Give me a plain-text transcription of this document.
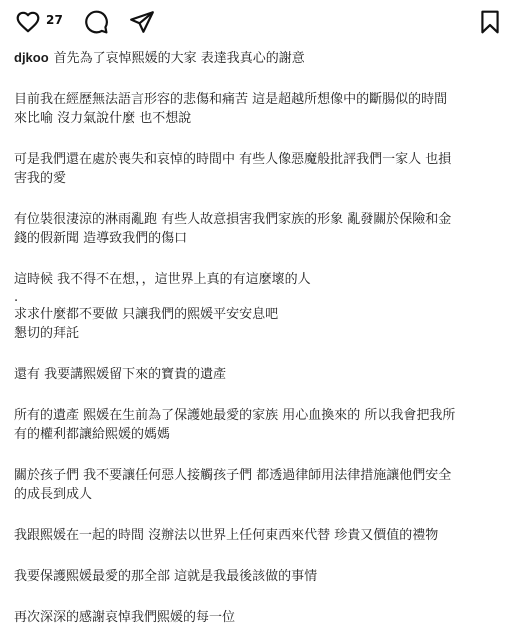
27

djkoo 首先為了哀悼熙媛的大家 表達我真心的謝意

目前我在經歷無法語言形容的悲傷和痛苦 這是超越所想像中的斷腸似的時間

來比喻 沒力氣說什麼 也不想說

可是我們還在處於喪失和哀悼的時間中 有些人像惡魔般批評我們一家人 也損

害我的愛

有位裝很淒涼的淋雨亂跑 有些人故意損害我們家族的形象 亂發關於保險和金

錢的假新聞 造導致我們的傷口

這時候 我不得不在想，，這世界上真的有這麼壞的人

.

求求什麼都不要做 只讓我們的熙媛平安安息吧

懇切的拜託

還有 我要講熙媛留下來的寶貴的遺產

所有的遺產 熙媛在生前為了保護她最愛的家族 用心血換來的 所以我會把我所

有的權利都讓給熙媛的媽媽

關於孩子們 我不要讓任何惡人接觸孩子們 都透過律師用法律措施讓他們安全

的成長到成人

我跟熙媛在一起的時間 沒辦法以世界上任何東西來代替 珍貴又價值的禮物

我要保護熙媛最愛的那全部 這就是我最後該做的事情

再次深深的感謝哀悼我們熙媛的每一位
